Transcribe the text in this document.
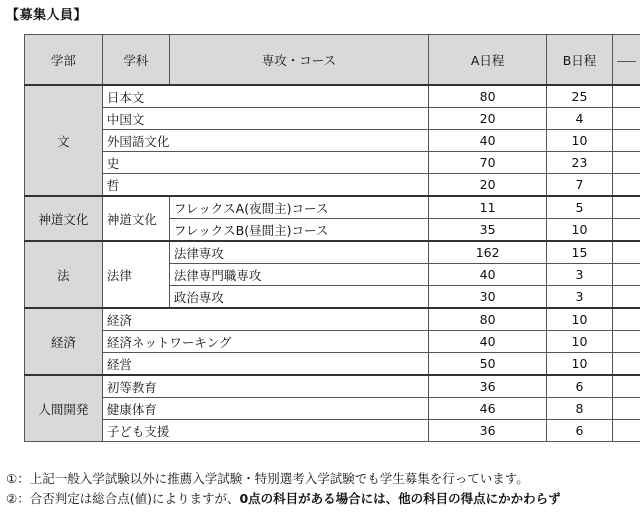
【募集人員】
学部	学科	専攻・コース	A日程	B日程	

文	日本文		80	25	
	中国文		20	4	
	外国語文化		40	10	
	史		70	23	
	哲		20	7	
神道文化	神道文化	フレックスA(夜間主)コース	11	5	
		フレックスB(昼間主)コース	35	10	
法	法律	法律専攻	162	15	
		法律専門職専攻	40	3	
		政治専攻	30	3	
経済	経済		80	10	
	経済ネットワーキング		40	10	
	経営		50	10	
人間開発	初等教育		36	6	
	健康体育		46	8	
	子ども支援		36	6	
①：上記一般入学試験以外に推薦入学試験・特別選考入学試験でも学生募集を行っています。
②：合否判定は総合点(値)によりますが、0点の科目がある場合には、他の科目の得点にかかわらず
